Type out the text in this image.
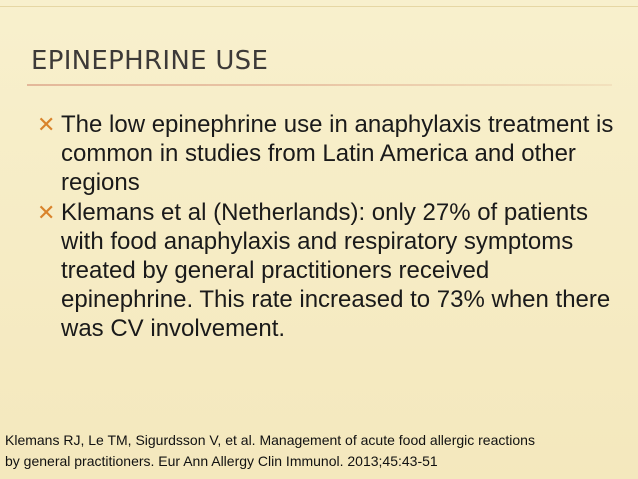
EPINEPHRINE USE
✕ The low epinephrine use in anaphylaxis treatment is common in studies from Latin America and other regions
✕ Klemans et al (Netherlands): only 27% of patients with food anaphylaxis and respiratory symptoms treated by general practitioners received epinephrine. This rate increased to 73% when there was CV involvement.
Klemans RJ, Le TM, Sigurdsson V, et al. Management of acute food allergic reactions
by general practitioners. Eur Ann Allergy Clin Immunol. 2013;45:43-51
